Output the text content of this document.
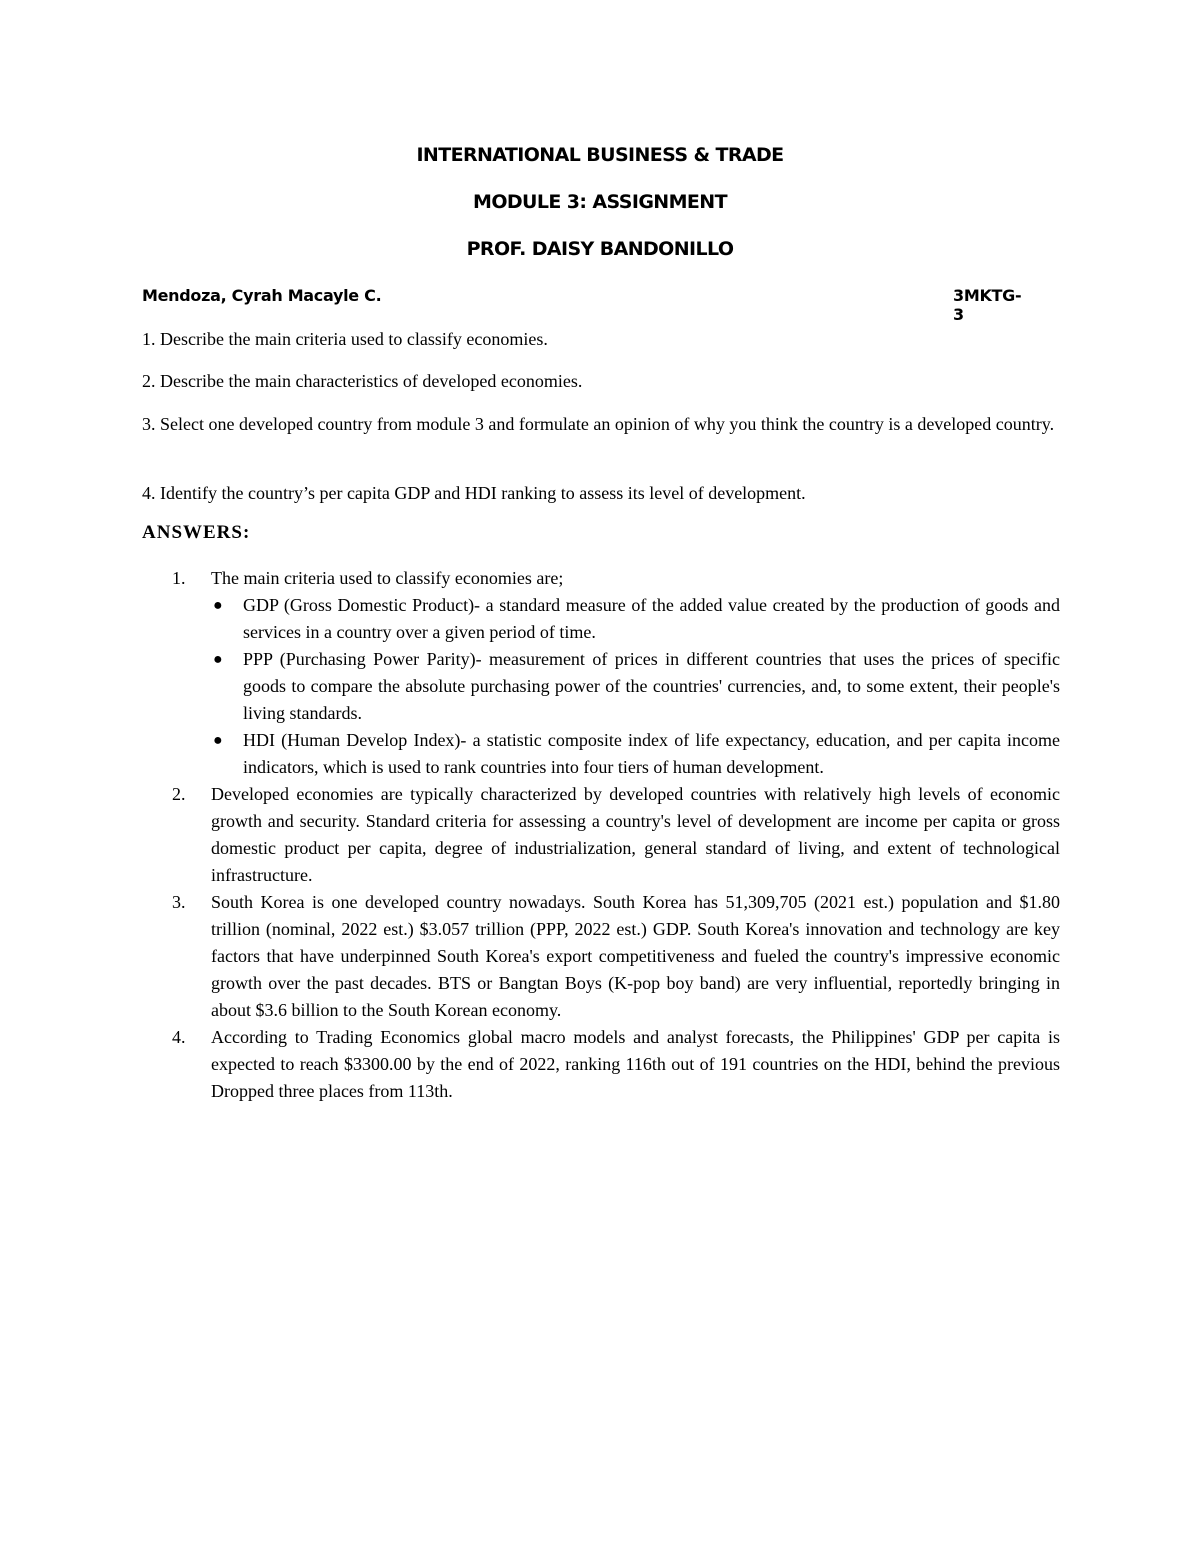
INTERNATIONAL BUSINESS & TRADE
MODULE 3: ASSIGNMENT
PROF. DAISY BANDONILLO
Mendoza, Cyrah Macayle C.	3MKTG-3

1. Describe the main criteria used to classify economies.

2. Describe the main characteristics of developed economies.

3. Select one developed country from module 3 and formulate an opinion of why you think the country is a developed country.

4. Identify the country’s per capita GDP and HDI ranking to assess its level of development.

ANSWERS:
1. The main criteria used to classify economies are;
● GDP (Gross Domestic Product)- a standard measure of the added value created by the production of goods and services in a country over a given period of time.
● PPP (Purchasing Power Parity)- measurement of prices in different countries that uses the prices of specific goods to compare the absolute purchasing power of the countries' currencies, and, to some extent, their people's living standards.
● HDI (Human Develop Index)- a statistic composite index of life expectancy, education, and per capita income indicators, which is used to rank countries into four tiers of human development.
2. Developed economies are typically characterized by developed countries with relatively high levels of economic growth and security. Standard criteria for assessing a country's level of development are income per capita or gross domestic product per capita, degree of industrialization, general standard of living, and extent of technological infrastructure.
3. South Korea is one developed country nowadays. South Korea has 51,309,705 (2021 est.) population and $1.80 trillion (nominal, 2022 est.) $3.057 trillion (PPP, 2022 est.) GDP. South Korea's innovation and technology are key factors that have underpinned South Korea's export competitiveness and fueled the country's impressive economic growth over the past decades. BTS or Bangtan Boys (K-pop boy band) are very influential, reportedly bringing in about $3.6 billion to the South Korean economy.
4. According to Trading Economics global macro models and analyst forecasts, the Philippines' GDP per capita is expected to reach $3300.00 by the end of 2022, ranking 116th out of 191 countries on the HDI, behind the previous Dropped three places from 113th.
